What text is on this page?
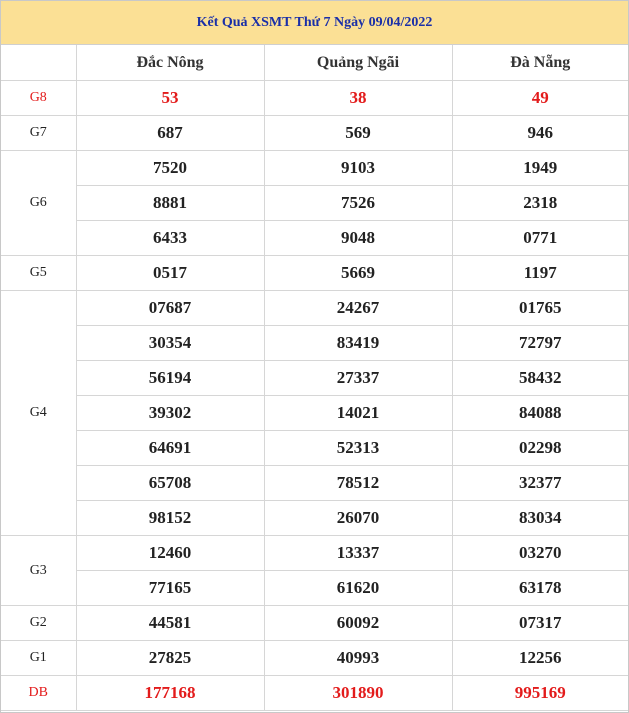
Kết Quả XSMT Thứ 7 Ngày 09/04/2022
	Đắc Nông	Quảng Ngãi	Đà Nẵng
G8	53	38	49
G7	687	569	946
G6	7520	9103	1949
	8881	7526	2318
	6433	9048	0771
G5	0517	5669	1197
G4	07687	24267	01765
	30354	83419	72797
	56194	27337	58432
	39302	14021	84088
	64691	52313	02298
	65708	78512	32377
	98152	26070	83034
G3	12460	13337	03270
	77165	61620	63178
G2	44581	60092	07317
G1	27825	40993	12256
DB	177168	301890	995169
